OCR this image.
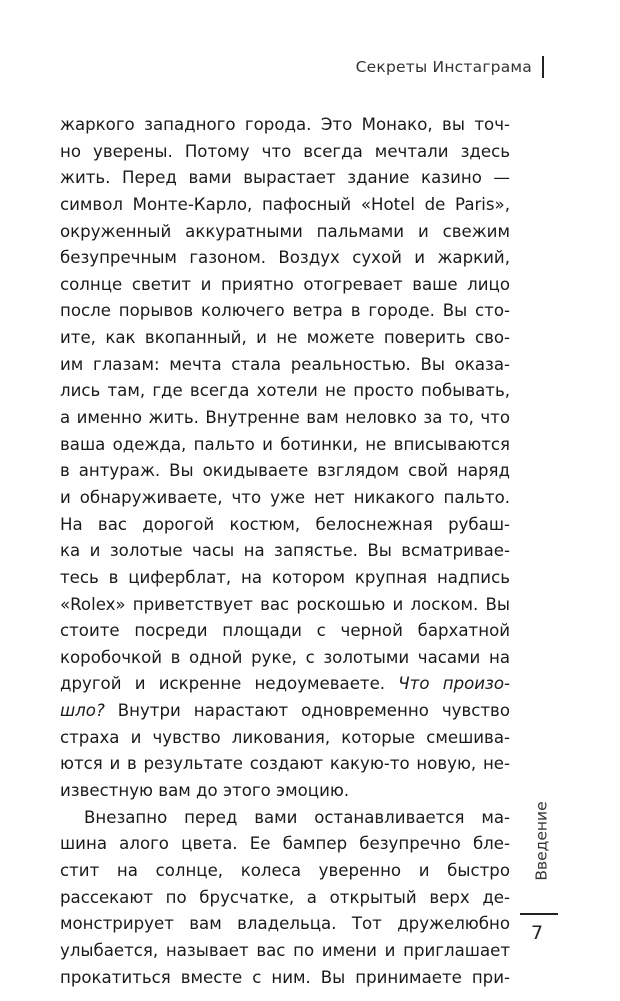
Секреты Инстаграма
жаркого западного города. Это Монако, вы точ-
но уверены. Потому что всегда мечтали здесь
жить. Перед вами вырастает здание казино —
символ Монте-Карло, пафосный «Hotel de Paris»,
окруженный аккуратными пальмами и свежим
безупречным газоном. Воздух сухой и жаркий,
солнце светит и приятно отогревает ваше лицо
после порывов колючего ветра в городе. Вы сто-
ите, как вкопанный, и не можете поверить сво-
им глазам: мечта стала реальностью. Вы оказа-
лись там, где всегда хотели не просто побывать,
а именно жить. Внутренне вам неловко за то, что
ваша одежда, пальто и ботинки, не вписываются
в антураж. Вы окидываете взглядом свой наряд
и обнаруживаете, что уже нет никакого пальто.
На вас дорогой костюм, белоснежная рубаш-
ка и золотые часы на запястье. Вы всматривае-
тесь в циферблат, на котором крупная надпись
«Rolex» приветствует вас роскошью и лоском. Вы
стоите посреди площади с черной бархатной
коробочкой в одной руке, с золотыми часами на
другой и искренне недоумеваете. Что произо-
шло? Внутри нарастают одновременно чувство
страха и чувство ликования, которые смешива-
ются и в результате создают какую-то новую, не-
известную вам до этого эмоцию.
Внезапно перед вами останавливается ма-
шина алого цвета. Ее бампер безупречно бле-
стит на солнце, колеса уверенно и быстро
рассекают по брусчатке, а открытый верх де-
монстрирует вам владельца. Тот дружелюбно
улыбается, называет вас по имени и приглашает
прокатиться вместе с ним. Вы принимаете при-
Введение
7
